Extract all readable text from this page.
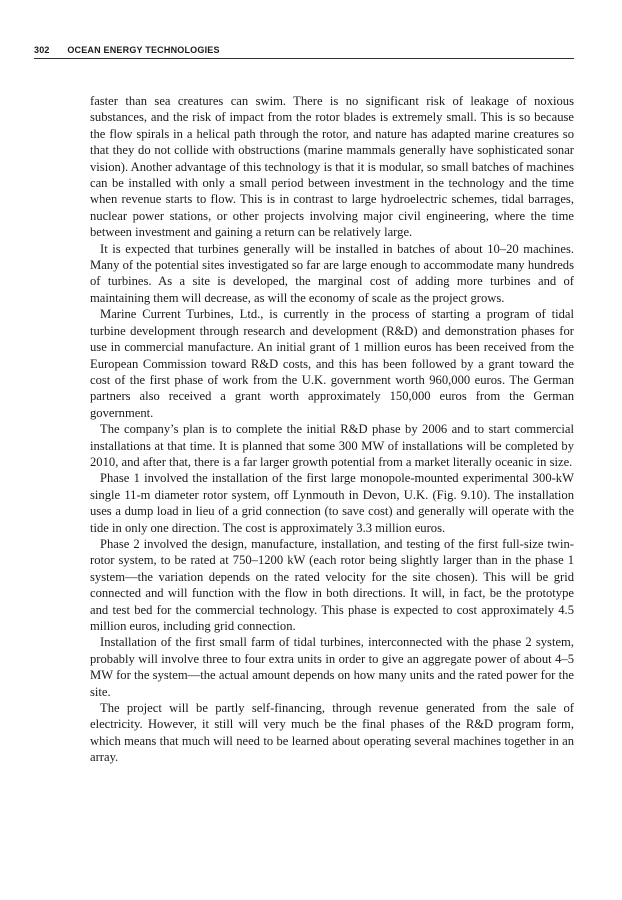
302 OCEAN ENERGY TECHNOLOGIES

faster than sea creatures can swim. There is no significant risk of leakage of noxious substances, and the risk of impact from the rotor blades is extremely small. This is so because the flow spirals in a helical path through the rotor, and nature has adapted marine creatures so that they do not collide with obstructions (marine mammals generally have sophisticated sonar vision). Another advantage of this technology is that it is modular, so small batches of machines can be installed with only a small period between investment in the technology and the time when revenue starts to flow. This is in contrast to large hydroelectric schemes, tidal barrages, nuclear power stations, or other projects involving major civil engineering, where the time between investment and gaining a return can be relatively large.

It is expected that turbines generally will be installed in batches of about 10–20 machines. Many of the potential sites investigated so far are large enough to accommodate many hundreds of turbines. As a site is developed, the marginal cost of adding more turbines and of maintaining them will decrease, as will the economy of scale as the project grows.

Marine Current Turbines, Ltd., is currently in the process of starting a program of tidal turbine development through research and development (R&D) and demonstration phases for use in commercial manufacture. An initial grant of 1 million euros has been received from the European Commission toward R&D costs, and this has been followed by a grant toward the cost of the first phase of work from the U.K. government worth 960,000 euros. The German partners also received a grant worth approximately 150,000 euros from the German government.

The company’s plan is to complete the initial R&D phase by 2006 and to start commercial installations at that time. It is planned that some 300 MW of installations will be completed by 2010, and after that, there is a far larger growth potential from a market literally oceanic in size.

Phase 1 involved the installation of the first large monopole-mounted experimental 300-kW single 11-m diameter rotor system, off Lynmouth in Devon, U.K. (Fig. 9.10). The installation uses a dump load in lieu of a grid connection (to save cost) and generally will operate with the tide in only one direction. The cost is approximately 3.3 million euros.

Phase 2 involved the design, manufacture, installation, and testing of the first full-size twin-rotor system, to be rated at 750–1200 kW (each rotor being slightly larger than in the phase 1 system—the variation depends on the rated velocity for the site chosen). This will be grid connected and will function with the flow in both directions. It will, in fact, be the prototype and test bed for the commercial technology. This phase is expected to cost approximately 4.5 million euros, including grid connection.

Installation of the first small farm of tidal turbines, interconnected with the phase 2 system, probably will involve three to four extra units in order to give an aggregate power of about 4–5 MW for the system—the actual amount depends on how many units and the rated power for the site.

The project will be partly self-financing, through revenue generated from the sale of electricity. However, it still will very much be the final phases of the R&D program form, which means that much will need to be learned about operating several machines together in an array.
